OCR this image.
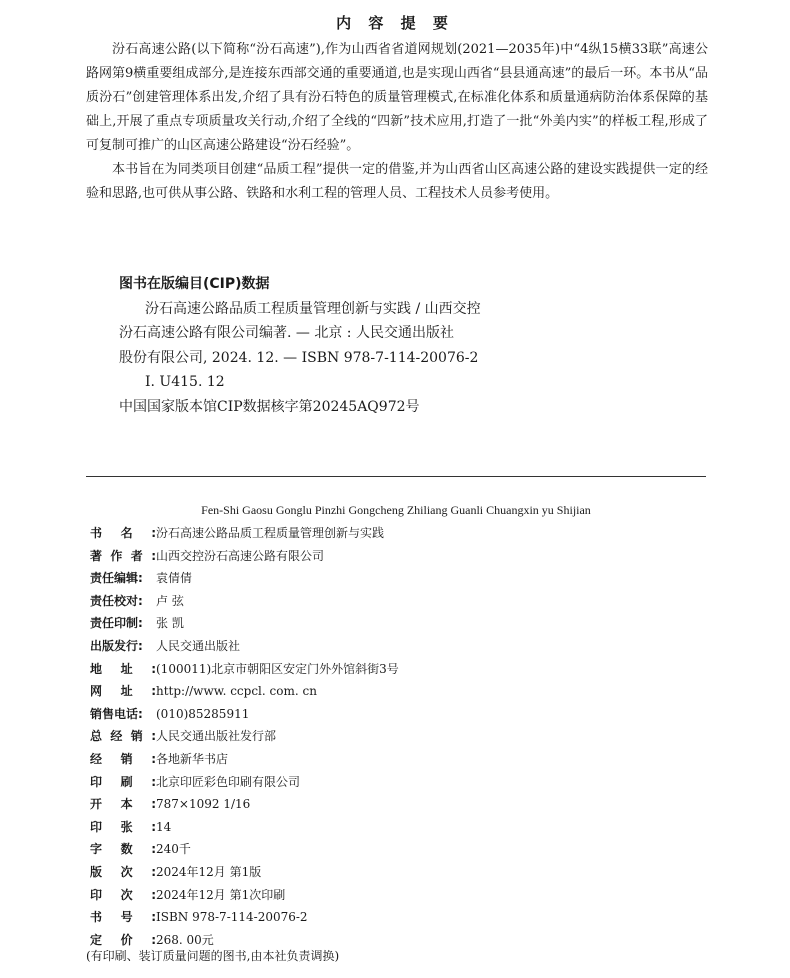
内 容 提 要

汾石高速公路(以下简称“汾石高速”),作为山西省省道网规划(2021—2035年)中“4纵15横33联”高速公路网第9横重要组成部分,是连接东西部交通的重要通道,也是实现山西省“县县通高速”的最后一环。本书从“品质汾石”创建管理体系出发,介绍了具有汾石特色的质量管理模式,在标准化体系和质量通病防治体系保障的基础上,开展了重点专项质量攻关行动,介绍了全线的“四新”技术应用,打造了一批“外美内实”的样板工程,形成了可复制可推广的山区高速公路建设“汾石经验”。

本书旨在为同类项目创建“品质工程”提供一定的借鉴,并为山西省山区高速公路的建设实践提供一定的经验和思路,也可供从事公路、铁路和水利工程的管理人员、工程技术人员参考使用。

图书在版编目(CIP)数据
汾石高速公路品质工程质量管理创新与实践 / 山西交控
汾石高速公路有限公司编著. — 北京 : 人民交通出版社
股份有限公司, 2024. 12. — ISBN 978-7-114-20076-2
Ⅰ. U415. 12
中国国家版本馆CIP数据核字第20245AQ972号
Fen-Shi Gaosu Gonglu Pinzhi Gongcheng Zhiliang Guanli Chuangxin yu Shijian
书名:汾石高速公路品质工程质量管理创新与实践
著作者:山西交控汾石高速公路有限公司
责任编辑: 袁倩倩
责任校对: 卢 弦
责任印制: 张 凯
出版发行: 人民交通出版社
地址:(100011)北京市朝阳区安定门外外馆斜街3号
网址:http://www. ccpcl. com. cn
销售电话: (010)85285911
总经销:人民交通出版社发行部
经销:各地新华书店
印刷:北京印匠彩色印刷有限公司
开本:787×1092 1/16
印张:14
字数:240千
版次:2024年12月 第1版
印次:2024年12月 第1次印刷
书号:ISBN 978-7-114-20076-2
定价:268. 00元
(有印刷、装订质量问题的图书,由本社负责调换)
